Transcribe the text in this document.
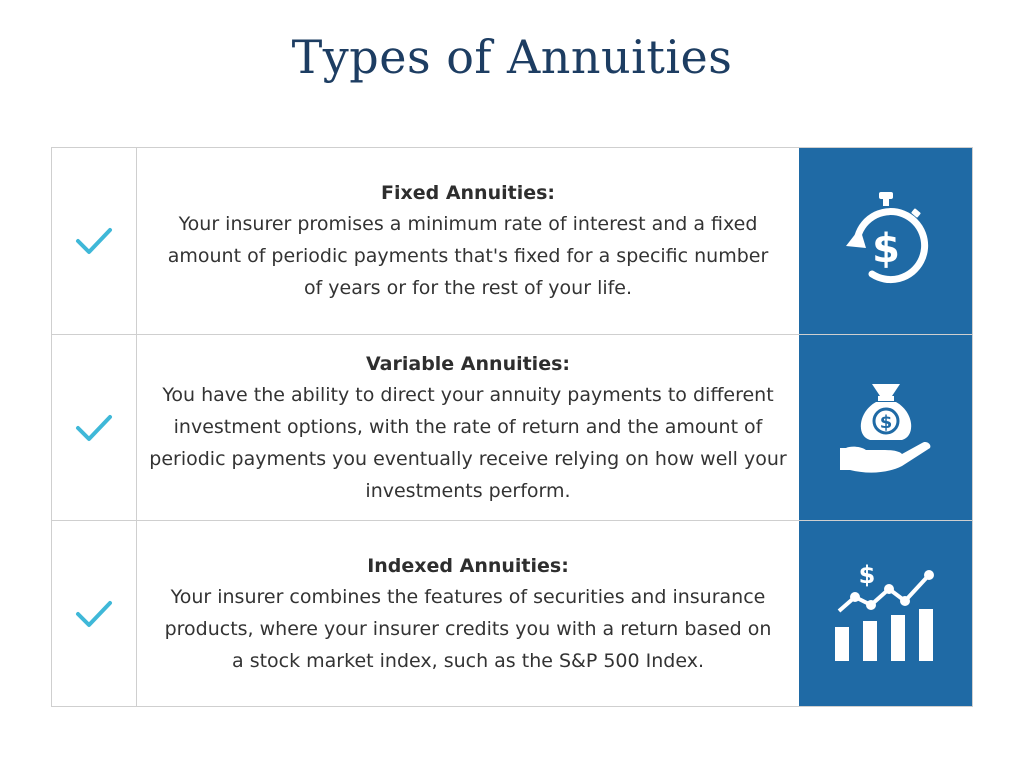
Types of Annuities
Fixed Annuities:
Your insurer promises a minimum rate of interest and a fixed amount of periodic payments that's fixed for a specific number of years or for the rest of your life.
$
Variable Annuities:
You have the ability to direct your annuity payments to different investment options, with the rate of return and the amount of periodic payments you eventually receive relying on how well your investments perform.
$
Indexed Annuities:
Your insurer combines the features of securities and insurance products, where your insurer credits you with a return based on a stock market index, such as the S&P 500 Index.
$
